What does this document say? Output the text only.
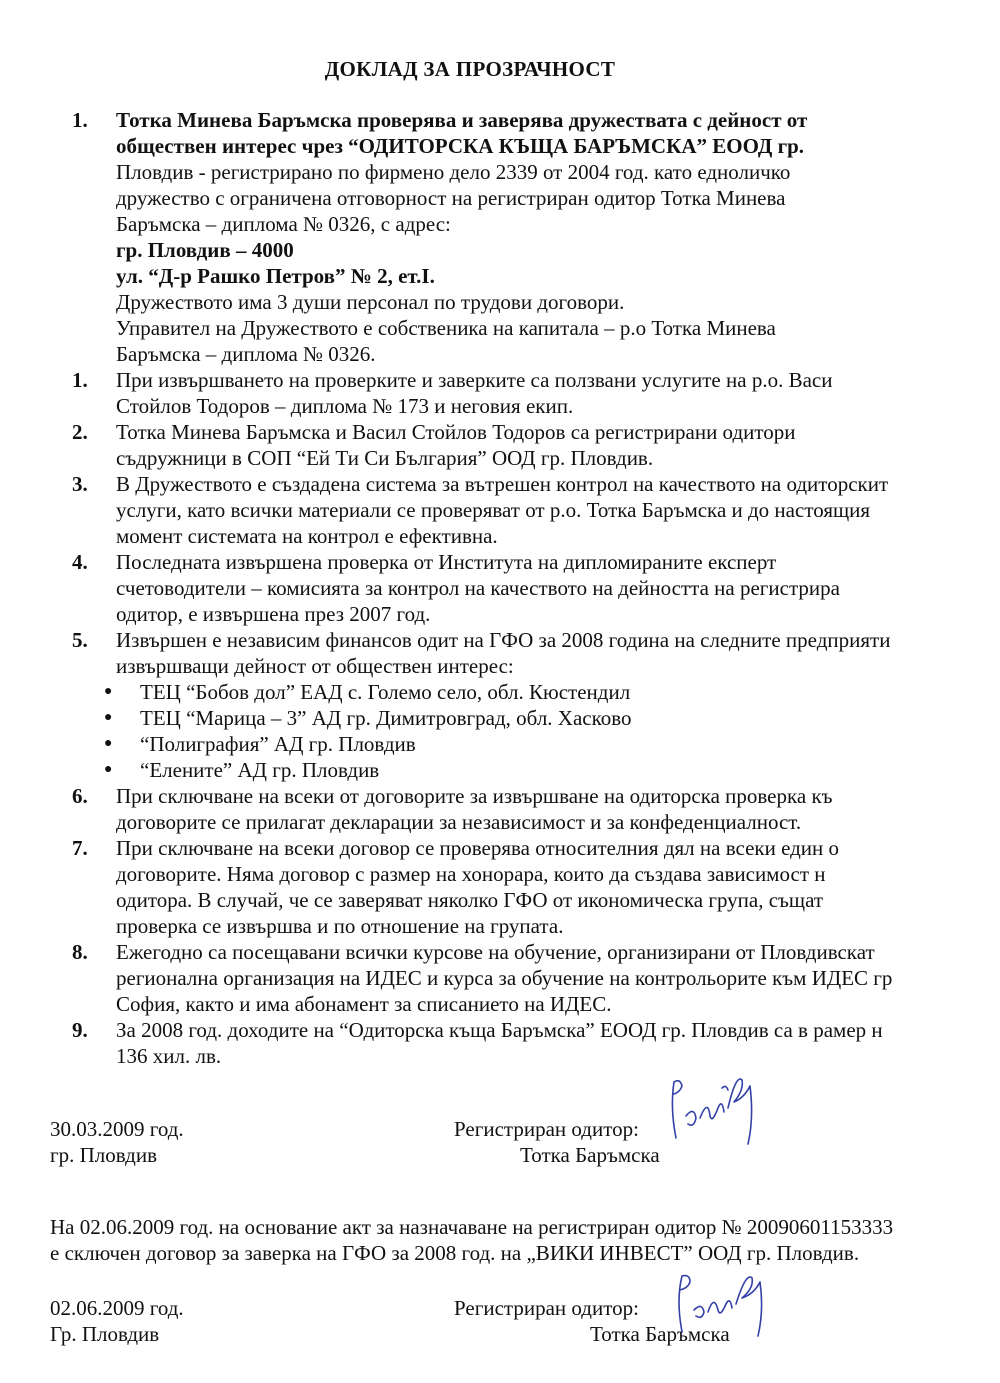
ДОКЛАД ЗА ПРОЗРАЧНОСТ
1.	Тотка Минева Баръмска проверява и заверява дружествата с дейност от
обществен интерес чрез “ОДИТОРСКА КЪЩА БАРЪМСКА” ЕООД гр.
Пловдив - регистрирано по фирмено дело 2339 от 2004 год. като едноличко
дружество с ограничена отговорност на регистриран одитор Тотка Минева
Баръмска – диплома № 0326, с адрес:
гр. Пловдив – 4000
ул. “Д-р Рашко Петров” № 2, ет.I.
Дружеството има 3 души персонал по трудови договори.
Управител на Дружеството е собственика на капитала – р.о Тотка Минева
Баръмска – диплома № 0326.
1.	При извършването на проверките и заверките са ползвани услугите на р.о. Васи
Стойлов Тодоров – диплома № 173 и неговия екип.
2.	Тотка Минева Баръмска и Васил Стойлов Тодоров са регистрирани одитори
съдружници в СОП “Ей Ти Си България” ООД гр. Пловдив.
3.	В Дружеството е създадена система за вътрешен контрол на качеството на одиторскит
услуги, като всички материали се проверяват от р.о. Тотка Баръмска и до настоящия
момент системата на контрол е ефективна.
4.	Последната извършена проверка от Института на дипломираните експерт
счетоводители – комисията за контрол на качеството на дейността на регистрира
одитор, е извършена през 2007 год.
5.	Извършен е независим финансов одит на ГФО за 2008 година на следните предприяти
извършващи дейност от обществен интерес:
●	ТЕЦ “Бобов дол” ЕАД с. Големо село, обл. Кюстендил
●	ТЕЦ “Марица – 3” АД гр. Димитровград, обл. Хасково
●	“Полиграфия” АД гр. Пловдив
●	“Елените” АД гр. Пловдив
6.	При сключване на всеки от договорите за извършване на одиторска проверка къ
договорите се прилагат декларации за независимост и за конфеденциалност.
7.	При сключване на всеки договор се проверява относителния дял на всеки един о
договорите. Няма договор с размер на хонорара, които да създава зависимост н
одитора. В случай, че се заверяват няколко ГФО от икономическа група, същат
проверка се извършва и по отношение на групата.
8.	Ежегодно са посещавани всички курсове на обучение, организирани от Пловдивскат
регионална организация на ИДЕС и курса за обучение на контрольорите към ИДЕС гр
София, както и има абонамент за списанието на ИДЕС.
9.	За 2008 год. доходите на “Одиторска къща Баръмска” ЕООД гр. Пловдив са в рамер н
136 хил. лв.
30.03.2009 год.	Регистриран одитор:
гр. Пловдив	Тотка Баръмска
На 02.06.2009 год. на основание акт за назначаване на регистриран одитор № 20090601153333
е сключен договор за заверка на ГФО за 2008 год. на „ВИКИ ИНВЕСТ” ООД гр. Пловдив.
02.06.2009 год.	Регистриран одитор:
Гр. Пловдив	Тотка Баръмска
